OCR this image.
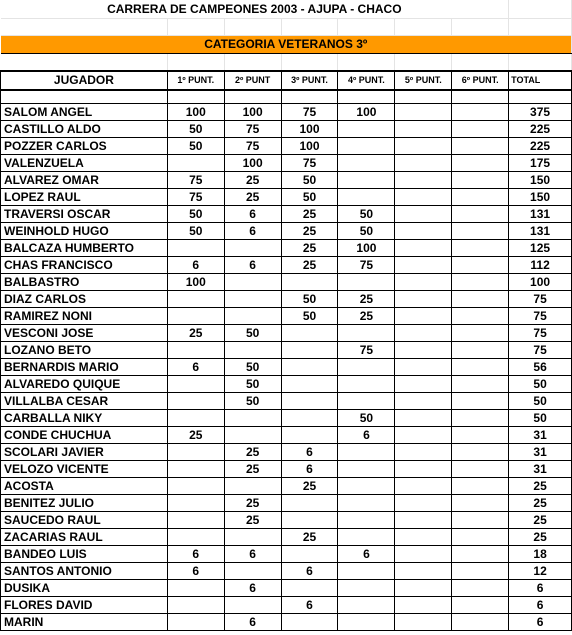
CARRERA DE CAMPEONES 2003 - AJUPA - CHACO							

CATEGORIA VETERANOS 3º							

JUGADOR	1º PUNT.	2º PUNT	3º PUNT.	4º PUNT.	5º PUNT.	6º PUNT.	TOTAL

SALOM ANGEL	100	100	75	100			375
CASTILLO ALDO	50	75	100				225
POZZER CARLOS	50	75	100				225
VALENZUELA		100	75				175
ALVAREZ OMAR	75	25	50				150
LOPEZ RAUL	75	25	50				150
TRAVERSI OSCAR	50	6	25	50			131
WEINHOLD HUGO	50	6	25	50			131
BALCAZA HUMBERTO			25	100			125
CHAS FRANCISCO	6	6	25	75			112
BALBASTRO	100						100
DIAZ CARLOS			50	25			75
RAMIREZ NONI			50	25			75
VESCONI JOSE	25	50					75
LOZANO BETO				75			75
BERNARDIS MARIO	6	50					56
ALVAREDO QUIQUE		50					50
VILLALBA CESAR		50					50
CARBALLA NIKY				50			50
CONDE CHUCHUA	25			6			31
SCOLARI JAVIER		25	6				31
VELOZO VICENTE		25	6				31
ACOSTA			25				25
BENITEZ JULIO		25					25
SAUCEDO RAUL		25					25
ZACARIAS RAUL			25				25
BANDEO LUIS	6	6		6			18
SANTOS ANTONIO	6		6				12
DUSIKA		6					6
FLORES DAVID			6				6
MARIN		6					6
